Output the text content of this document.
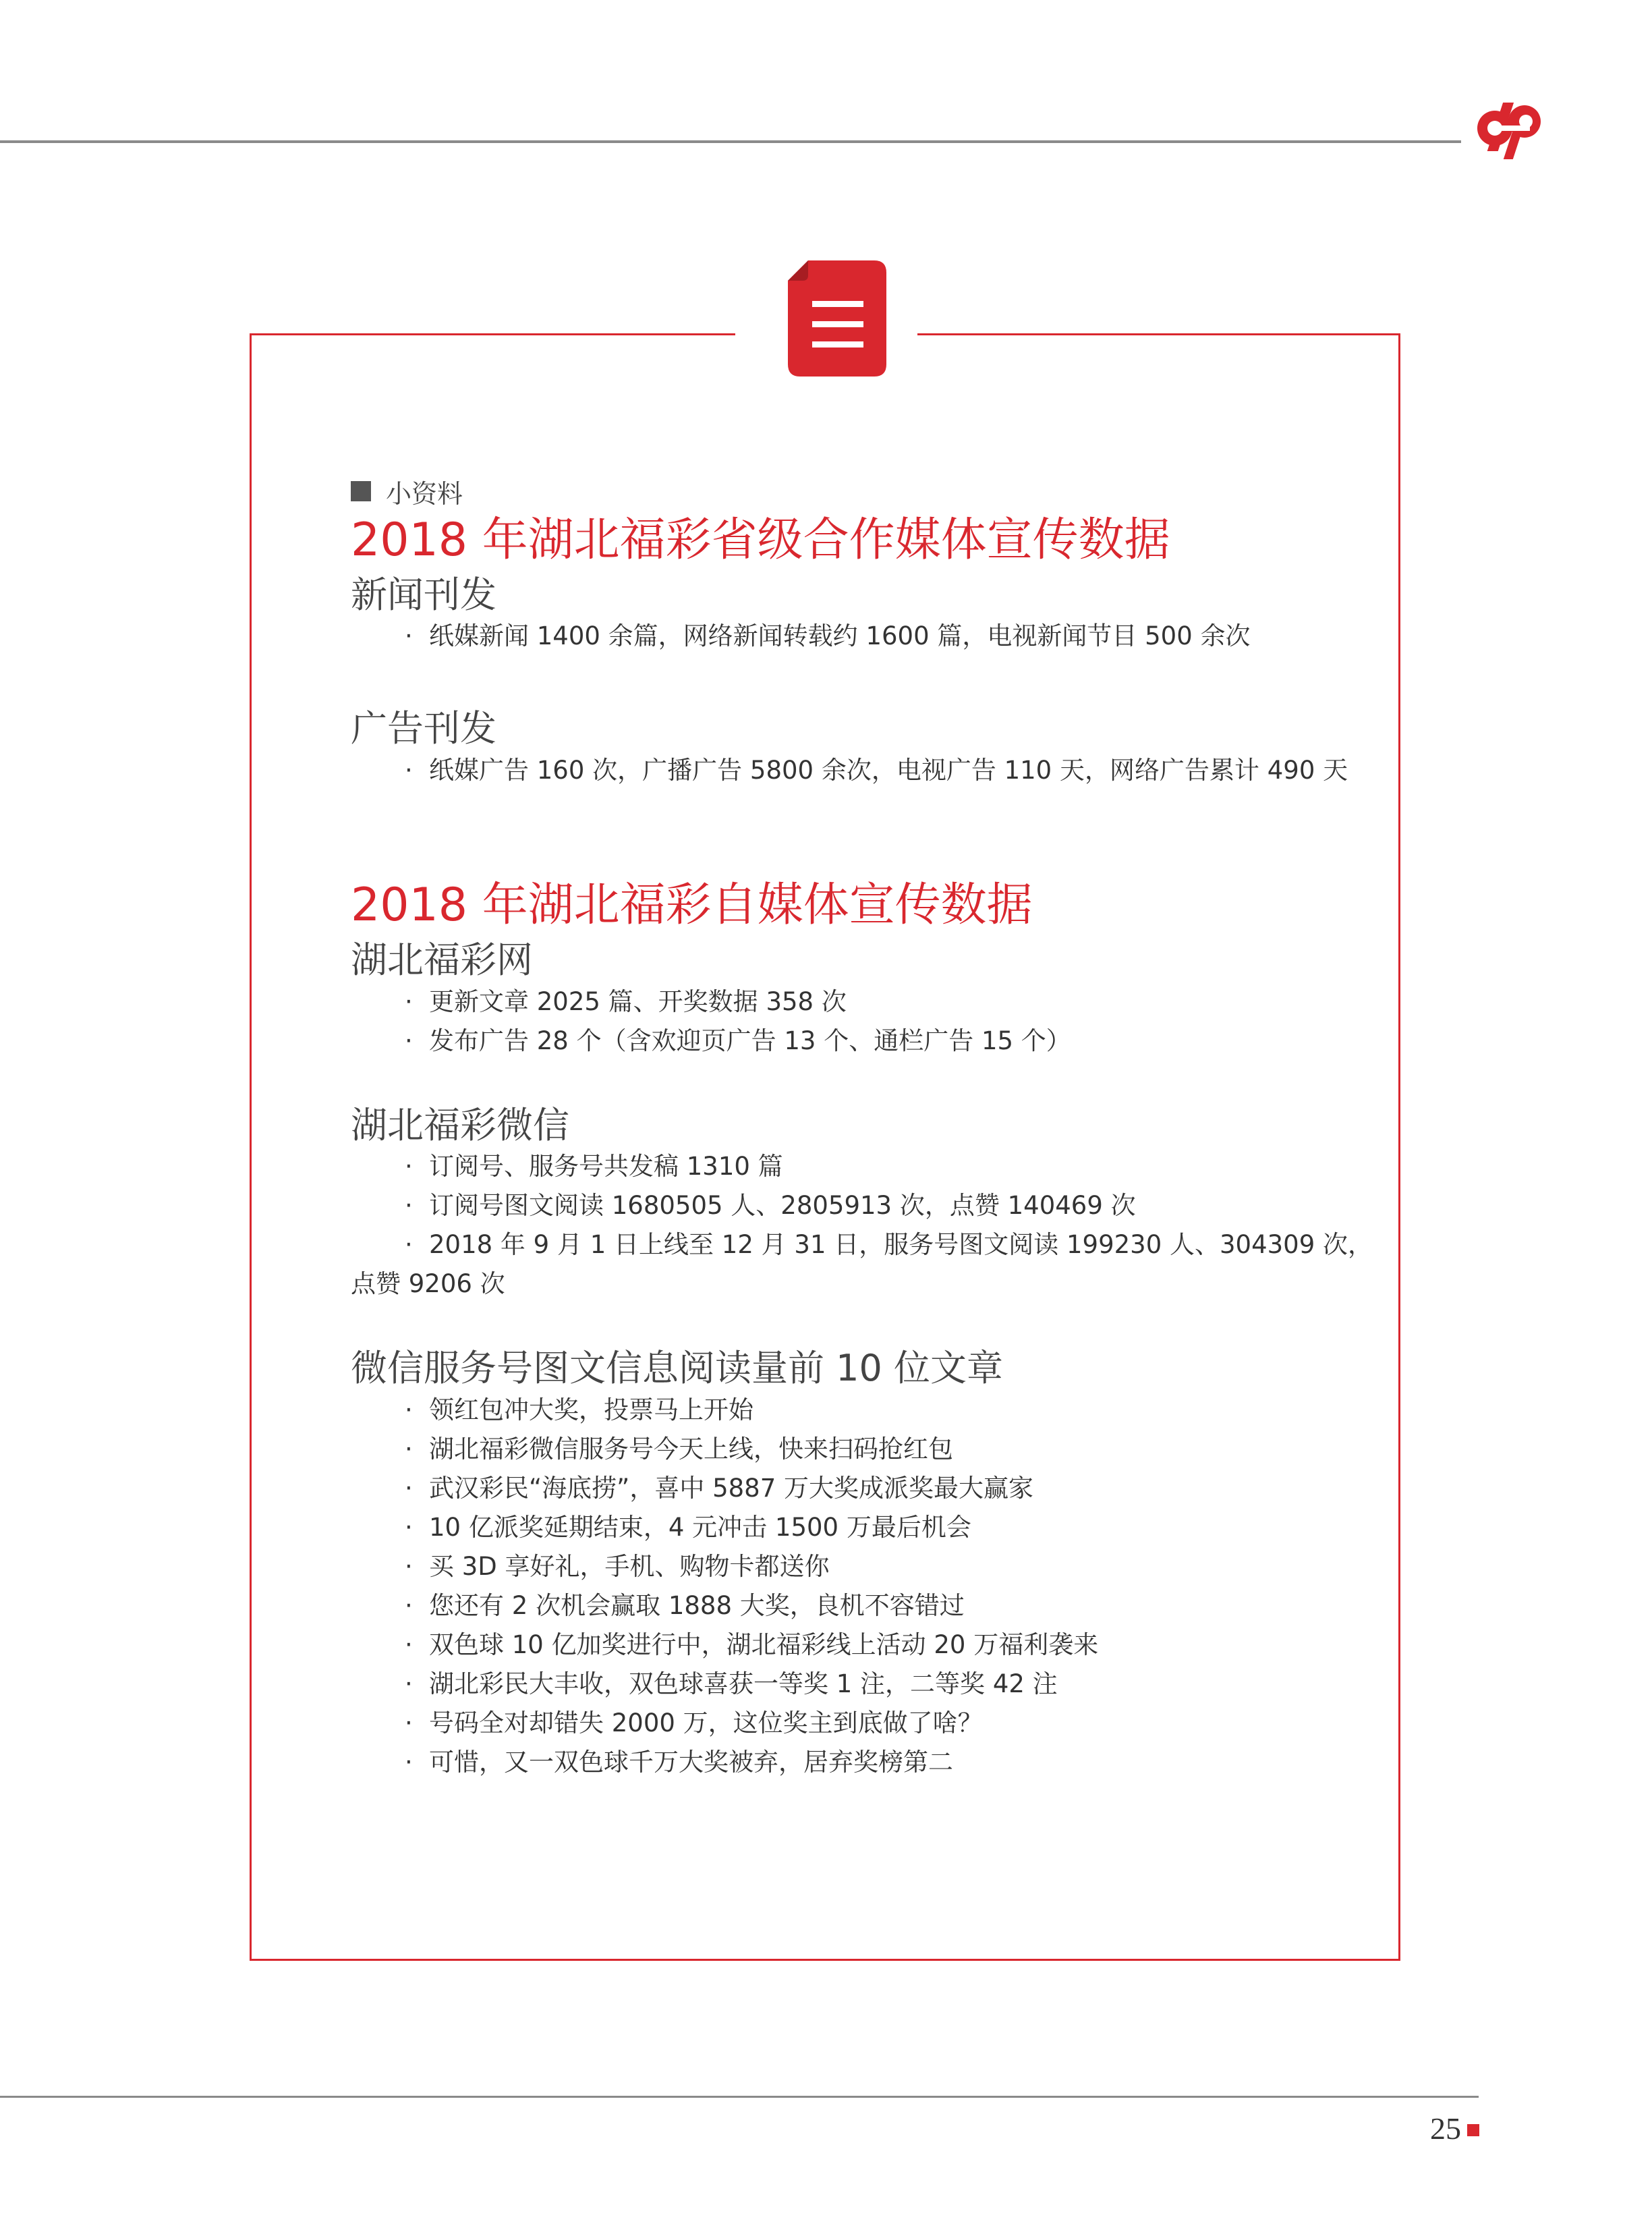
小资料
2018 年湖北福彩省级合作媒体宣传数据
新闻刊发
· 纸媒新闻 1400 余篇，网络新闻转载约 1600 篇，电视新闻节目 500 余次
广告刊发
· 纸媒广告 160 次，广播广告 5800 余次，电视广告 110 天，网络广告累计 490 天
2018 年湖北福彩自媒体宣传数据
湖北福彩网
· 更新文章 2025 篇、开奖数据 358 次
· 发布广告 28 个（含欢迎页广告 13 个、通栏广告 15 个）
湖北福彩微信
· 订阅号、服务号共发稿 1310 篇
· 订阅号图文阅读 1680505 人、2805913 次，点赞 140469 次
· 2018 年 9 月 1 日上线至 12 月 31 日，服务号图文阅读 199230 人、304309 次，
点赞 9206 次
微信服务号图文信息阅读量前 10 位文章
· 领红包冲大奖，投票马上开始
· 湖北福彩微信服务号今天上线，快来扫码抢红包
· 武汉彩民“海底捞”，喜中 5887 万大奖成派奖最大赢家
· 10 亿派奖延期结束，4 元冲击 1500 万最后机会
· 买 3D 享好礼，手机、购物卡都送你
· 您还有 2 次机会赢取 1888 大奖，良机不容错过
· 双色球 10 亿加奖进行中，湖北福彩线上活动 20 万福利袭来
· 湖北彩民大丰收，双色球喜获一等奖 1 注，二等奖 42 注
· 号码全对却错失 2000 万，这位奖主到底做了啥？
· 可惜，又一双色球千万大奖被弃，居弃奖榜第二
25
